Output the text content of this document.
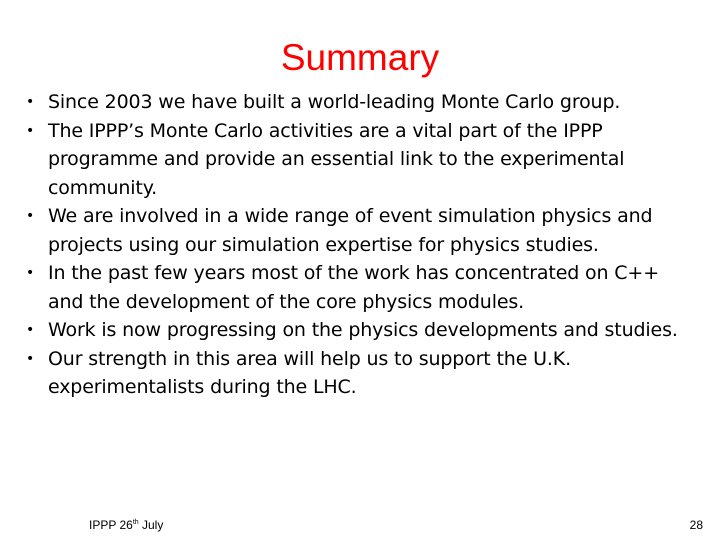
Summary
• Since 2003 we have built a world-leading Monte Carlo group.
• The IPPP’s Monte Carlo activities are a vital part of the IPPP programme and provide an essential link to the experimental community.
• We are involved in a wide range of event simulation physics and projects using our simulation expertise for physics studies.
• In the past few years most of the work has concentrated on C++ and the development of the core physics modules.
• Work is now progressing on the physics developments and studies.
• Our strength in this area will help us to support the U.K. experimentalists during the LHC.
IPPP 26th July	28
